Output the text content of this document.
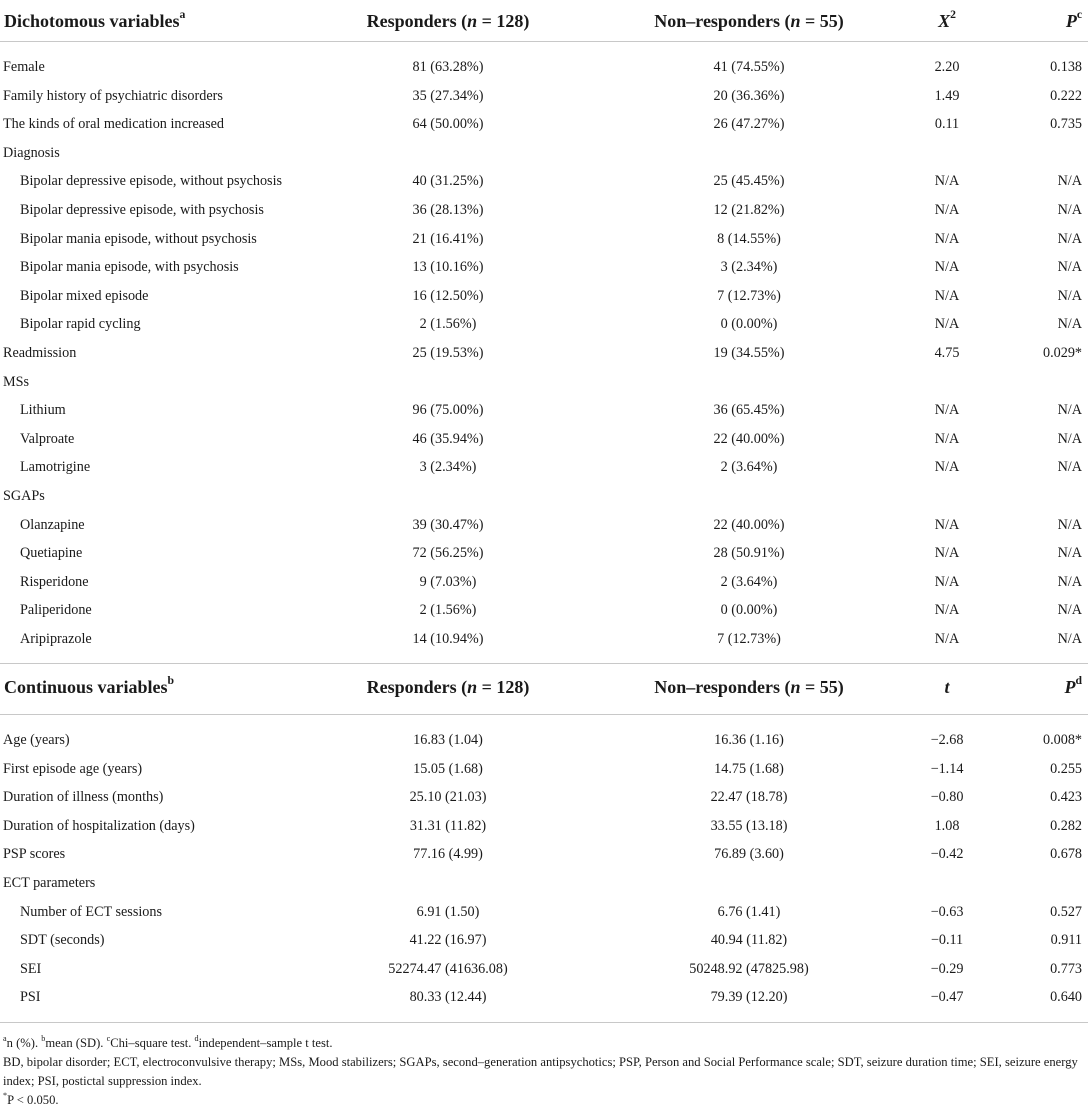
Dichotomous variables$^a$	Responders (n = 128)	Non–responders (n = 55)	$X^2$	$P^c$
Female	81 (63.28%)	41 (74.55%)	2.20	0.138
Family history of psychiatric disorders	35 (27.34%)	20 (36.36%)	1.49	0.222
The kinds of oral medication increased	64 (50.00%)	26 (47.27%)	0.11	0.735
Diagnosis
Bipolar depressive episode, without psychosis	40 (31.25%)	25 (45.45%)	N/A	N/A
Bipolar depressive episode, with psychosis	36 (28.13%)	12 (21.82%)	N/A	N/A
Bipolar mania episode, without psychosis	21 (16.41%)	8 (14.55%)	N/A	N/A
Bipolar mania episode, with psychosis	13 (10.16%)	3 (2.34%)	N/A	N/A
Bipolar mixed episode	16 (12.50%)	7 (12.73%)	N/A	N/A
Bipolar rapid cycling	2 (1.56%)	0 (0.00%)	N/A	N/A
Readmission	25 (19.53%)	19 (34.55%)	4.75	0.029*
MSs
Lithium	96 (75.00%)	36 (65.45%)	N/A	N/A
Valproate	46 (35.94%)	22 (40.00%)	N/A	N/A
Lamotrigine	3 (2.34%)	2 (3.64%)	N/A	N/A
SGAPs
Olanzapine	39 (30.47%)	22 (40.00%)	N/A	N/A
Quetiapine	72 (56.25%)	28 (50.91%)	N/A	N/A
Risperidone	9 (7.03%)	2 (3.64%)	N/A	N/A
Paliperidone	2 (1.56%)	0 (0.00%)	N/A	N/A
Aripiprazole	14 (10.94%)	7 (12.73%)	N/A	N/A
Continuous variables$^b$	Responders (n = 128)	Non–responders (n = 55)	t	$P^d$
Age (years)	16.83 (1.04)	16.36 (1.16)	−2.68	0.008*
First episode age (years)	15.05 (1.68)	14.75 (1.68)	−1.14	0.255
Duration of illness (months)	25.10 (21.03)	22.47 (18.78)	−0.80	0.423
Duration of hospitalization (days)	31.31 (11.82)	33.55 (13.18)	1.08	0.282
PSP scores	77.16 (4.99)	76.89 (3.60)	−0.42	0.678
ECT parameters
Number of ECT sessions	6.91 (1.50)	6.76 (1.41)	−0.63	0.527
SDT (seconds)	41.22 (16.97)	40.94 (11.82)	−0.11	0.911
SEI	52274.47 (41636.08)	50248.92 (47825.98)	−0.29	0.773
PSI	80.33 (12.44)	79.39 (12.20)	−0.47	0.640
$^a$n (%). $^b$mean (SD). $^c$Chi–square test. $^d$independent–sample t test.
BD, bipolar disorder; ECT, electroconvulsive therapy; MSs, Mood stabilizers; SGAPs, second–generation antipsychotics; PSP, Person and Social Performance scale; SDT, seizure duration time; SEI, seizure energy index; PSI, postictal suppression index.
*P < 0.050.
